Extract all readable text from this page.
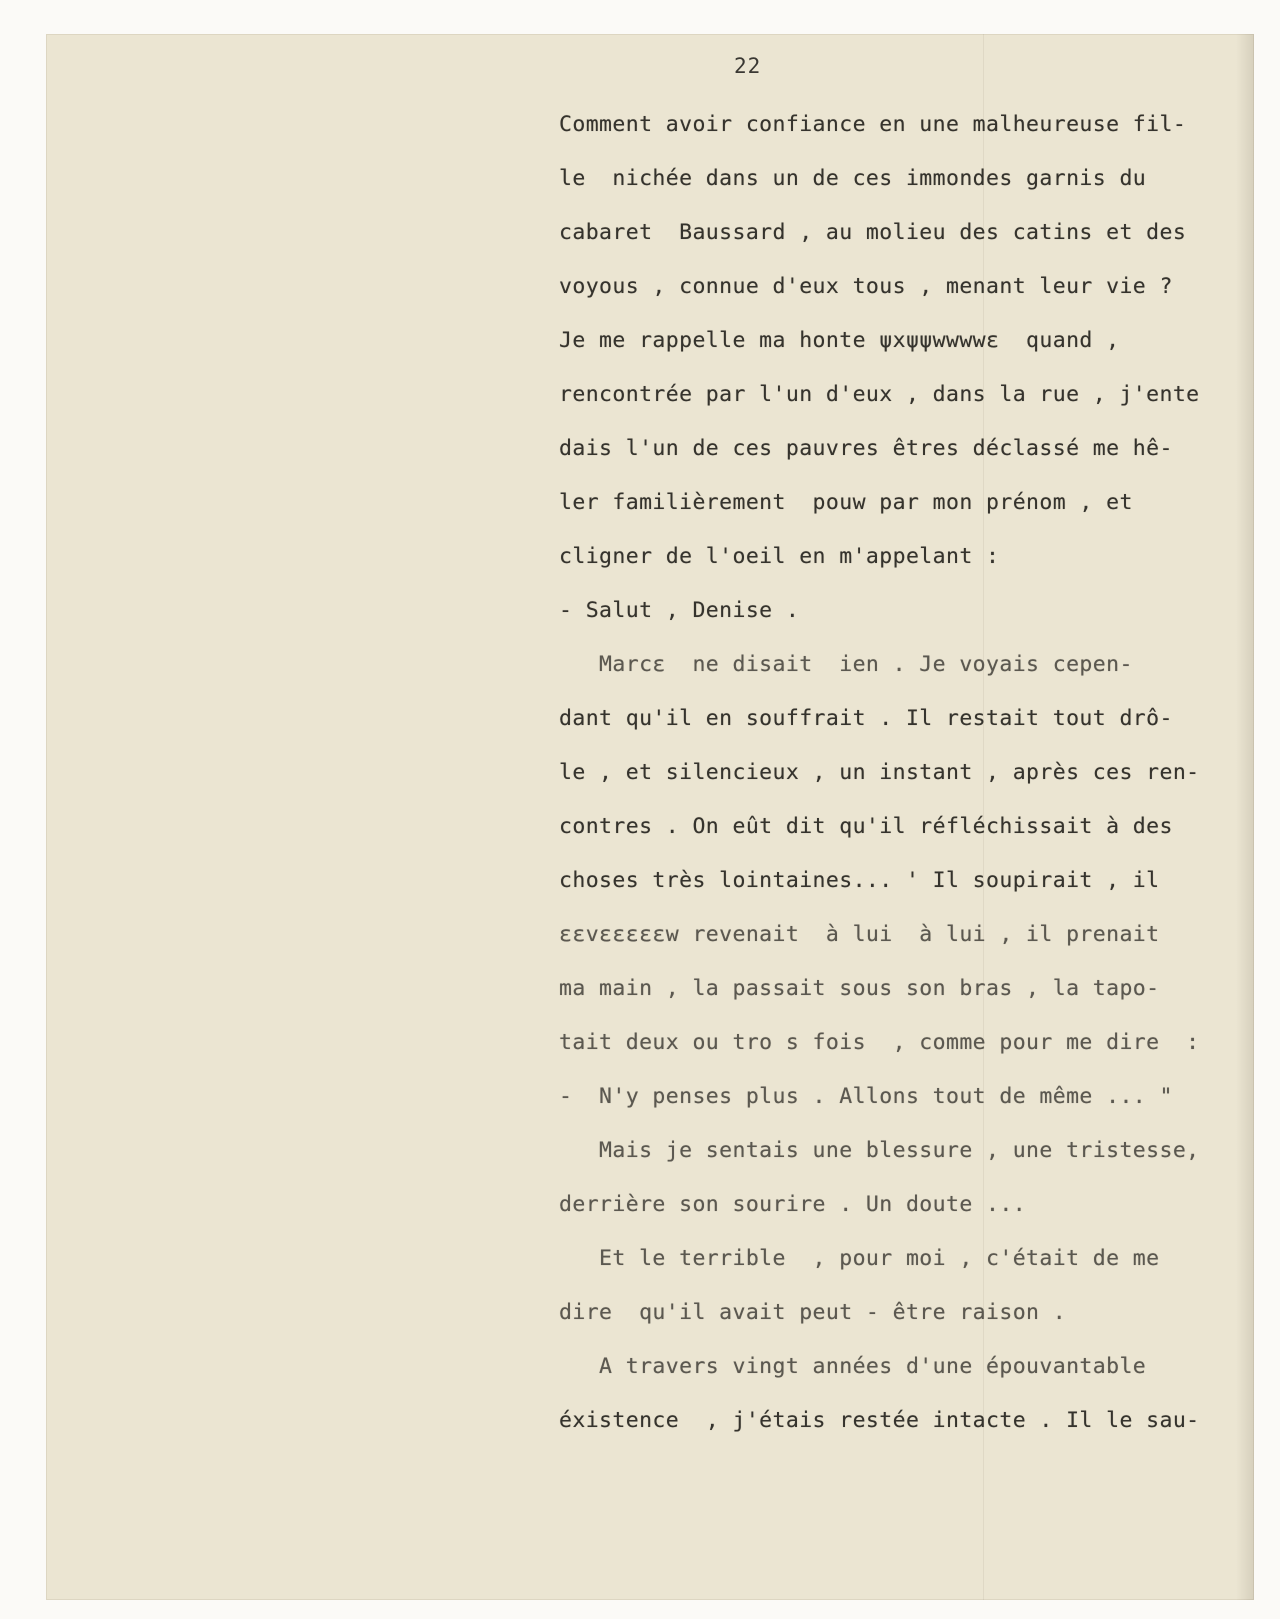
22
Comment avoir confiance en une malheureuse fil-
le  nichée dans un de ces immondes garnis du
cabaret  Baussard , au molieu des catins et des
voyous , connue d'eux tous , menant leur vie ?
Je me rappelle ma honte ψxψψwwwwε  quand ,
rencontrée par l'un d'eux , dans la rue , j'ente
dais l'un de ces pauvres êtres déclassé me hê-
ler familièrement  pouw par mon prénom , et
cligner de l'oeil en m'appelant :
- Salut , Denise .
Marcε  ne disait  ien . Je voyais cepen-
dant qu'il en souffrait . Il restait tout drô-
le , et silencieux , un instant , après ces ren-
contres . On eût dit qu'il réfléchissait à des
choses très lointaines... ' Il soupirait , il
εεvεεεεεw revenait  à lui  à lui , il prenait
ma main , la passait sous son bras , la tapo-
tait deux ou tro s fois  , comme pour me dire  :
-  N'y penses plus . Allons tout de même ... "
Mais je sentais une blessure , une tristesse,
derrière son sourire . Un doute ...
Et le terrible  , pour moi , c'était de me
dire  qu'il avait peut - être raison .
A travers vingt années d'une épouvantable
éxistence  , j'étais restée intacte . Il le sau-
